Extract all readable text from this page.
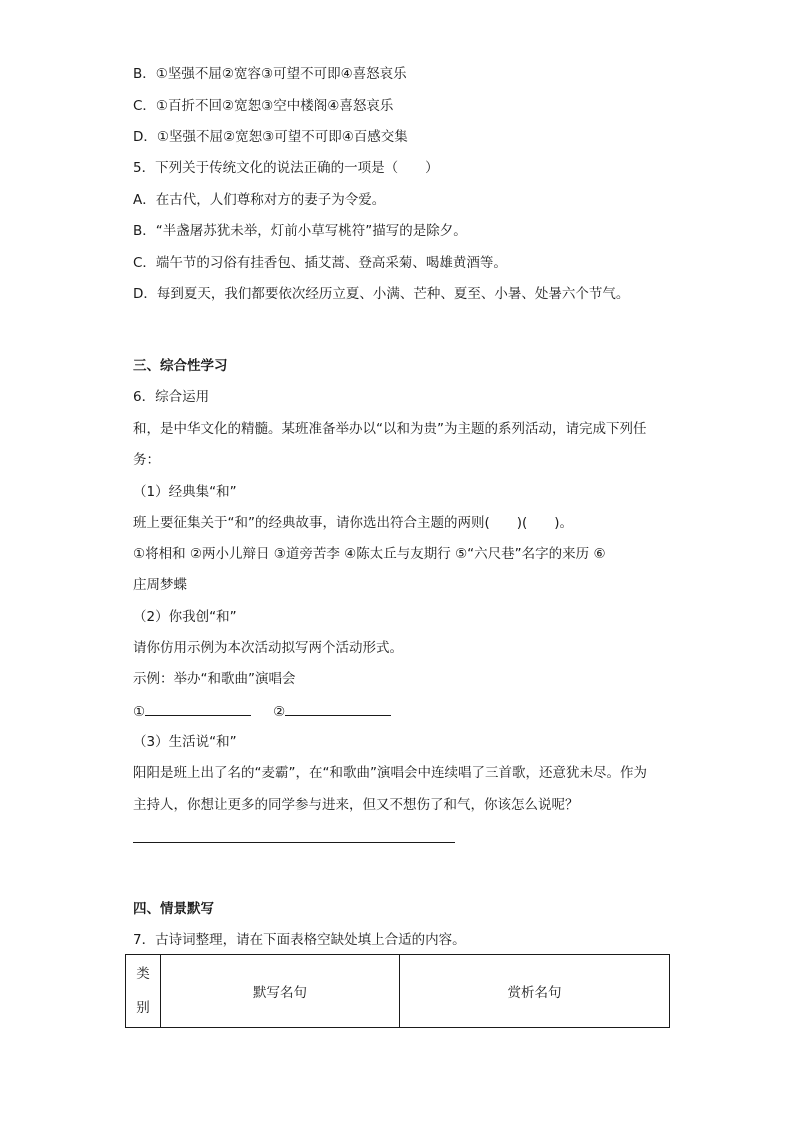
B．①坚强不屈②宽容③可望不可即④喜怒哀乐
C．①百折不回②宽恕③空中楼阁④喜怒哀乐
D．①坚强不屈②宽恕③可望不可即④百感交集
5．下列关于传统文化的说法正确的一项是（　　）
A．在古代，人们尊称对方的妻子为令爱。
B．“半盏屠苏犹未举，灯前小草写桃符”描写的是除夕。
C．端午节的习俗有挂香包、插艾蒿、登高采菊、喝雄黄酒等。
D．每到夏天，我们都要依次经历立夏、小满、芒种、夏至、小暑、处暑六个节气。
三、综合性学习
6．综合运用
和，是中华文化的精髓。某班准备举办以“以和为贵”为主题的系列活动，请完成下列任
务：
（1）经典集“和”
班上要征集关于“和”的经典故事，请你选出符合主题的两则(　　)(　　)。
①将相和 ②两小儿辩日 ③道旁苦李 ④陈太丘与友期行 ⑤“六尺巷”名字的来历 ⑥
庄周梦蝶
（2）你我创“和”
请你仿用示例为本次活动拟写两个活动形式。
示例：举办“和歌曲”演唱会
①	②
（3）生活说“和”
阳阳是班上出了名的“麦霸”，在“和歌曲”演唱会中连续唱了三首歌，还意犹未尽。作为
主持人，你想让更多的同学参与进来，但又不想伤了和气，你该怎么说呢？
四、情景默写
7．古诗词整理，请在下面表格空缺处填上合适的内容。
类
别
	默写名句	赏析名句
